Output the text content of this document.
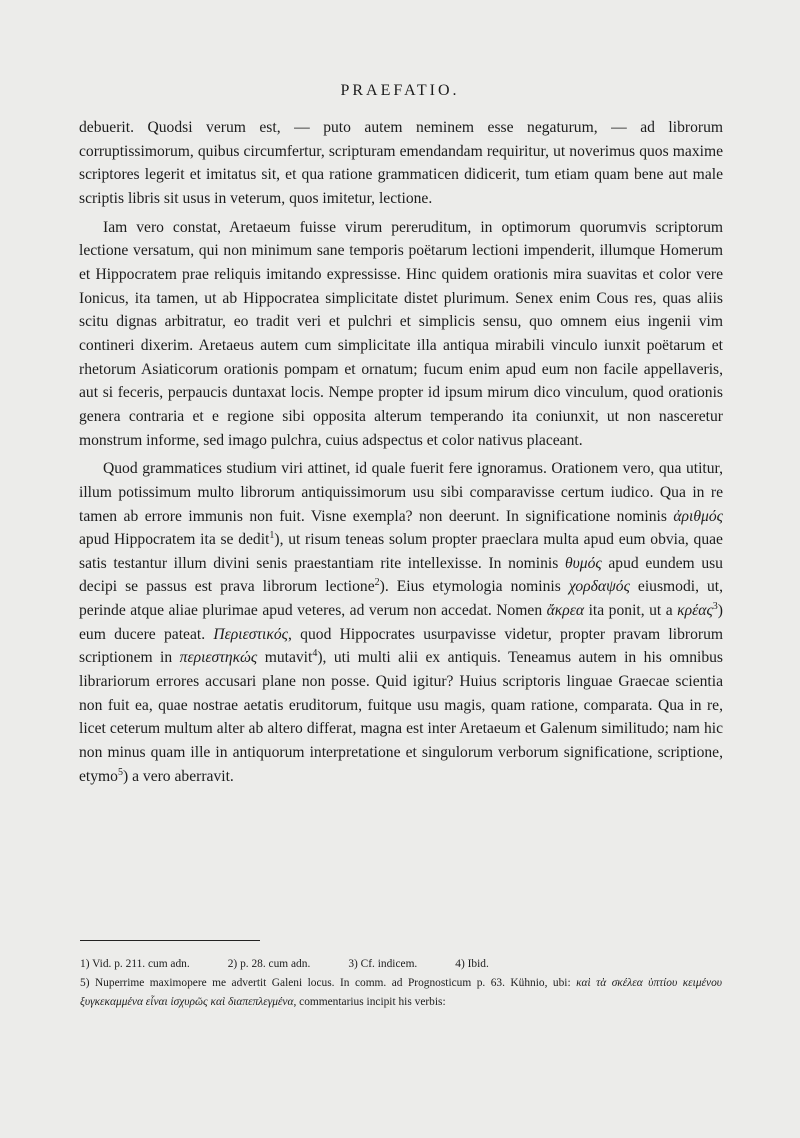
PRAEFATIO.

debuerit. Quodsi verum est, — puto autem neminem esse negaturum, — ad librorum corruptissimorum, quibus circumfertur, scripturam emendandam requiritur, ut noverimus quos maxime scriptores legerit et imitatus sit, et qua ratione grammaticen didicerit, tum etiam quam bene aut male scriptis libris sit usus in veterum, quos imitetur, lectione.

Iam vero constat, Aretaeum fuisse virum pereruditum, in optimorum quorumvis scriptorum lectione versatum, qui non minimum sane temporis poëtarum lectioni impenderit, illumque Homerum et Hippocratem prae reliquis imitando expressisse. Hinc quidem orationis mira suavitas et color vere Ionicus, ita tamen, ut ab Hippocratea simplicitate distet plurimum. Senex enim Cous res, quas aliis scitu dignas arbitratur, eo tradit veri et pulchri et simplicis sensu, quo omnem eius ingenii vim contineri dixerim. Aretaeus autem cum simplicitate illa antiqua mirabili vinculo iunxit poëtarum et rhetorum Asiaticorum orationis pompam et ornatum; fucum enim apud eum non facile appellaveris, aut si feceris, perpaucis duntaxat locis. Nempe propter id ipsum mirum dico vinculum, quod orationis genera contraria et e regione sibi opposita alterum temperando ita coniunxit, ut non nasceretur monstrum informe, sed imago pulchra, cuius adspectus et color nativus placeant.

Quod grammatices studium viri attinet, id quale fuerit fere ignoramus. Orationem vero, qua utitur, illum potissimum multo librorum antiquissimorum usu sibi comparavisse certum iudico. Qua in re tamen ab errore immunis non fuit. Visne exempla? non deerunt. In significatione nominis ἀριθμός apud Hippocratem ita se dedit$^1$), ut risum teneas solum propter praeclara multa apud eum obvia, quae satis testantur illum divini senis praestantiam rite intellexisse. In nominis θυμός apud eundem usu decipi se passus est prava librorum lectione$^2$). Eius etymologia nominis χορδαψός eiusmodi, ut, perinde atque aliae plurimae apud veteres, ad verum non accedat. Nomen ἄκρεα ita ponit, ut a κρέας$^3$) eum ducere pateat. Περιεστικός, quod Hippocrates usurpavisse videtur, propter pravam librorum scriptionem in περιεστηκώς mutavit$^4$), uti multi alii ex antiquis. Teneamus autem in his omnibus librariorum errores accusari plane non posse. Quid igitur? Huius scriptoris linguae Graecae scientia non fuit ea, quae nostrae aetatis eruditorum, fuitque usu magis, quam ratione, comparata. Qua in re, licet ceterum multum alter ab altero differat, magna est inter Aretaeum et Galenum similitudo; nam hic non minus quam ille in antiquorum interpretatione et singulorum verborum significatione, scriptione, etymo$^5$) a vero aberravit.

1) Vid. p. 211. cum adn.	2) p. 28. cum adn.	3) Cf. indicem.	4) Ibid.
5) Nuperrime maximopere me advertit Galeni locus. In comm. ad Prognosticum p. 63. Kühnio, ubi: καὶ τὰ σκέλεα ὑπτίου κειμένου ξυγκεκαμμένα εἶναι ἰσχυρῶς καὶ διαπεπλεγμένα, commentarius incipit his verbis:
